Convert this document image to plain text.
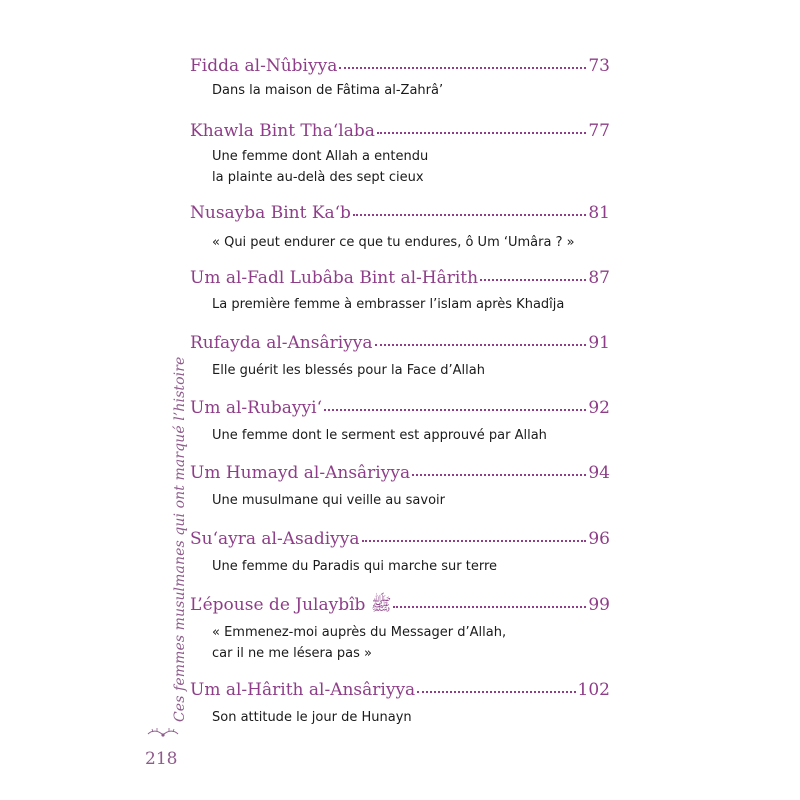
Ces femmes musulmanes qui ont marqué l’histoire
218
Fidda al-Nûbiyya	73
Dans la maison de Fâtima al-Zahrâ’
Khawla Bint Tha‘laba	77
Une femme dont Allah a entendu
la plainte au-delà des sept cieux
Nusayba Bint Ka‘b	81
« Qui peut endurer ce que tu endures, ô Um ‘Umâra ? »
Um al-Fadl Lubâba Bint al-Hârith	87
La première femme à embrasser l’islam après Khadîja
Rufayda al-Ansâriyya	91
Elle guérit les blessés pour la Face d’Allah
Um al-Rubayyi‘	92
Une femme dont le serment est approuvé par Allah
Um Humayd al-Ansâriyya	94
Une musulmane qui veille au savoir
Su‘ayra al-Asadiyya	96
Une femme du Paradis qui marche sur terre
L’épouse de Julaybîb ﷺ	99
« Emmenez-moi auprès du Messager d’Allah,
car il ne me lésera pas »
Um al-Hârith al-Ansâriyya	102
Son attitude le jour de Hunayn
